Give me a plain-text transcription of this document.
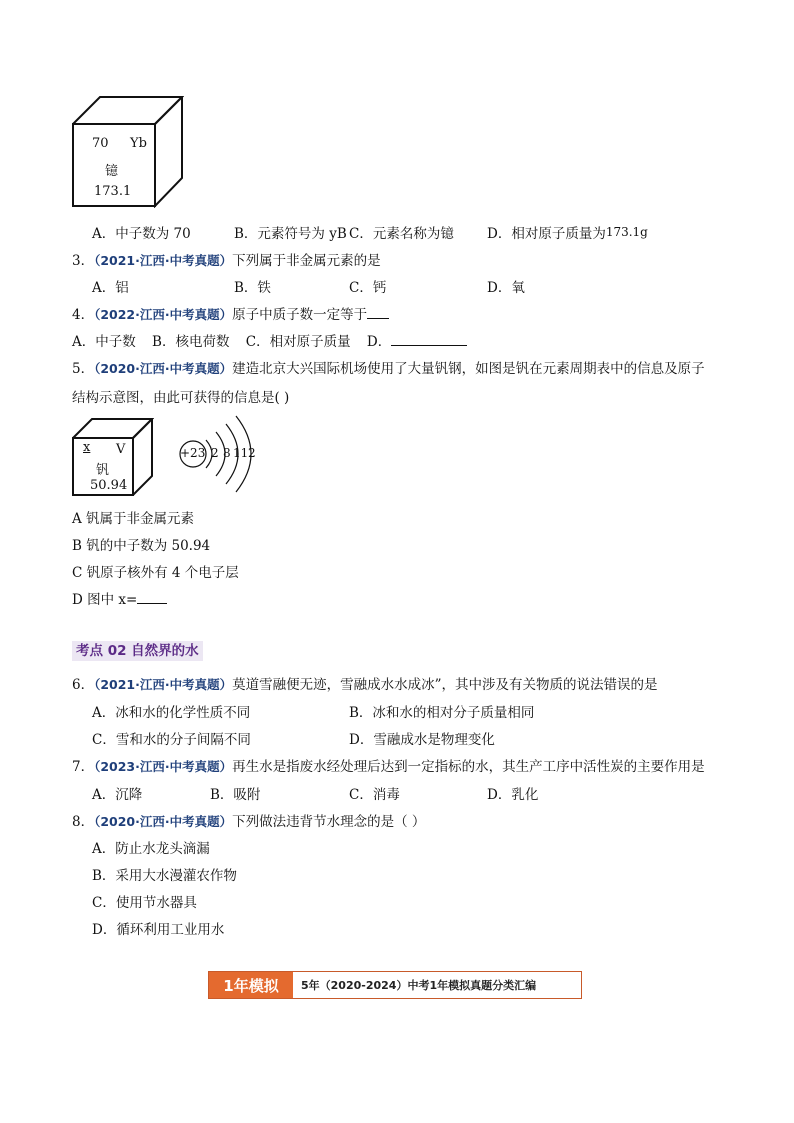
70 Yb
镱
173.1
A．中子数为 70	B．元素符号为 yB C．元素名称为镱 D．相对原子质量为173.1g
3．（2021·江西·中考真题）下列属于非金属元素的是
A．铝	B．铁	C．钙	D．氧
4．（2022·江西·中考真题）原子中质子数一定等于
A．中子数 B．核电荷数 C．相对原子质量 D．
5．（2020·江西·中考真题）建造北京大兴国际机场使用了大量钒钢，如图是钒在元素周期表中的信息及原子
结构示意图，由此可获得的信息是( )
x V
钒
50.94
+23 2 8 11 2
A 钒属于非金属元素
B 钒的中子数为 50.94
C 钒原子核外有 4 个电子层
D 图中 x=
考点 02 自然界的水
6．（2021·江西·中考真题）莫道雪融便无迹，雪融成水水成冰”，其中涉及有关物质的说法错误的是
A．冰和水的化学性质不同	B．冰和水的相对分子质量相同
C．雪和水的分子间隔不同	D．雪融成水是物理变化
7．（2023·江西·中考真题）再生水是指废水经处理后达到一定指标的水，其生产工序中活性炭的主要作用是
A．沉降	B．吸附	C．消毒	D．乳化
8．（2020·江西·中考真题）下列做法违背节水理念的是（ ）
A．防止水龙头滴漏
B．采用大水漫灌农作物
C．使用节水器具
D．循环利用工业用水
1年模拟	5年（2020-2024）中考1年模拟真题分类汇编
